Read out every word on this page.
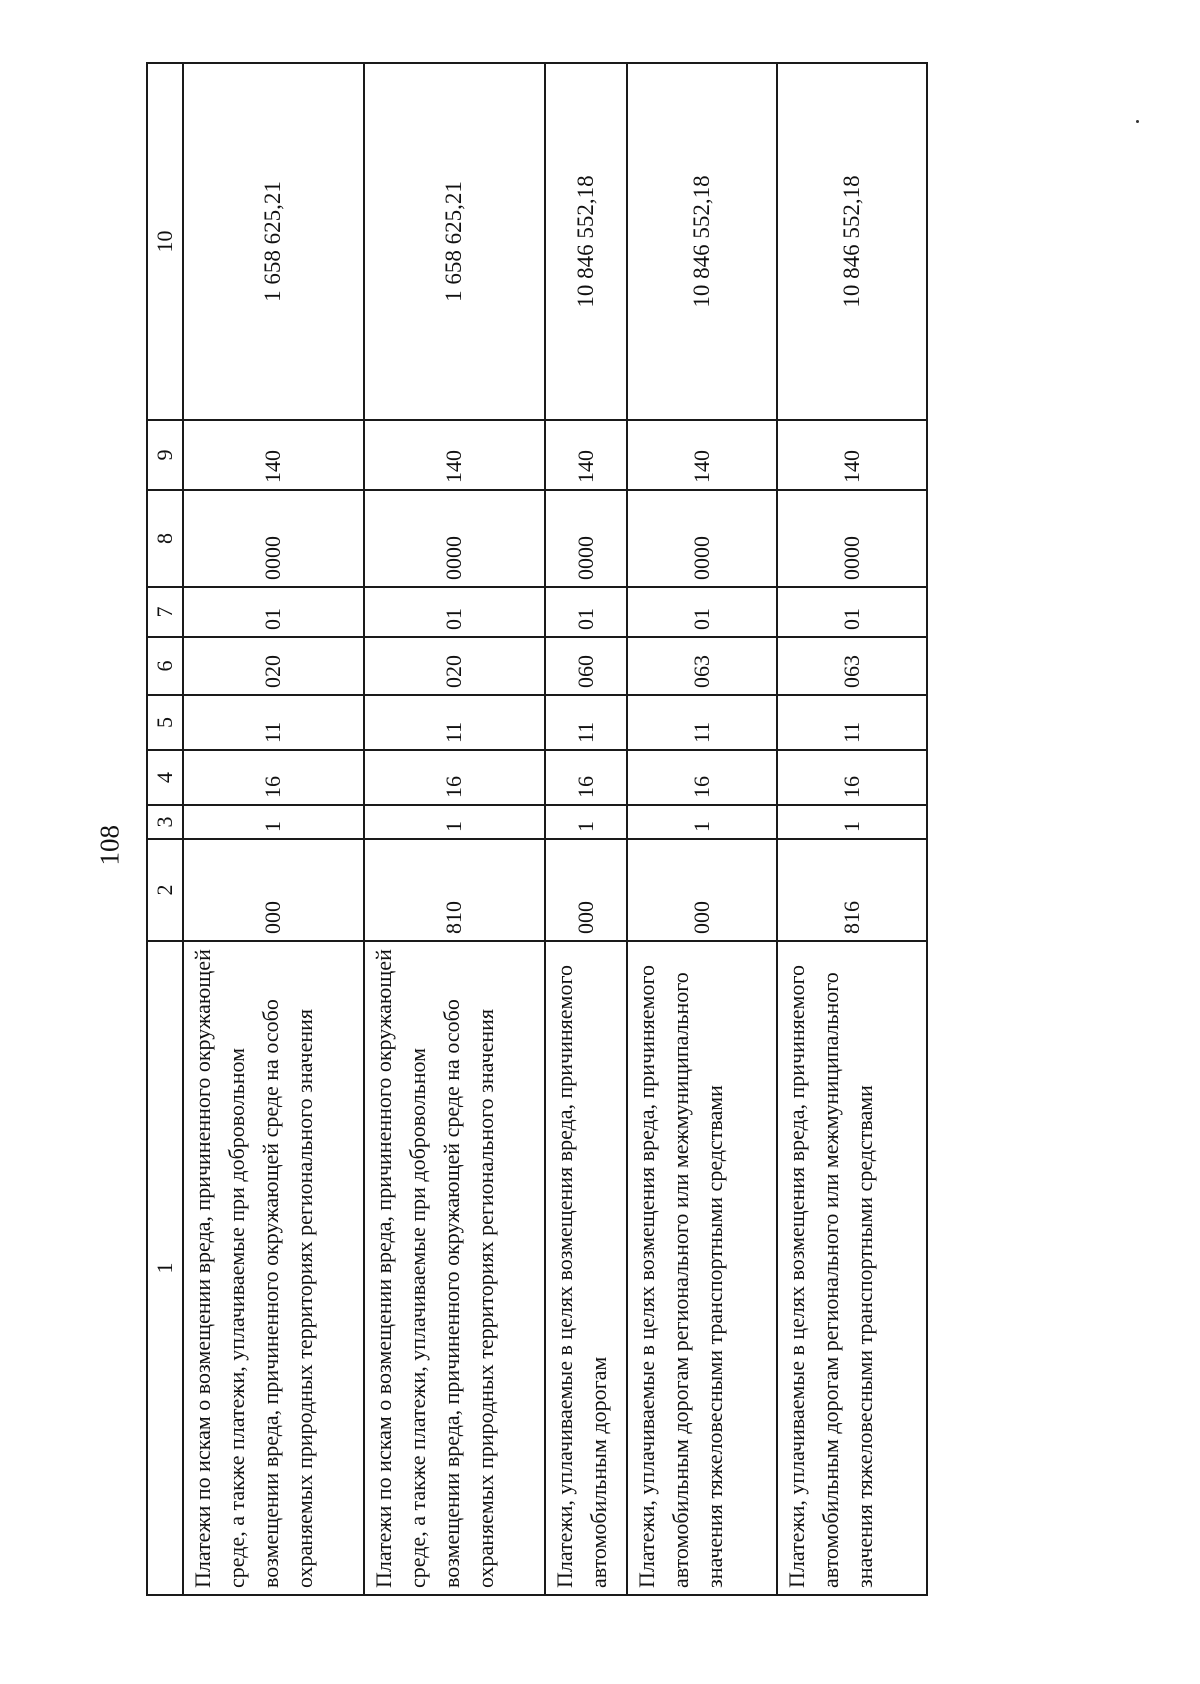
108
1	2	3	4	5	6	7	8	9	10
Платежи по искам о возмещении вреда, причиненного окружающей среде, а также платежи, уплачиваемые при добровольном возмещении вреда, причиненного окружающей среде на особо охраняемых природных территориях регионального значения	000	1	16	11	020	01	0000	140	1 658 625,21
Платежи по искам о возмещении вреда, причиненного окружающей среде, а также платежи, уплачиваемые при добровольном возмещении вреда, причиненного окружающей среде на особо охраняемых природных территориях регионального значения	810	1	16	11	020	01	0000	140	1 658 625,21
Платежи, уплачиваемые в целях возмещения вреда, причиняемого автомобильным дорогам	000	1	16	11	060	01	0000	140	10 846 552,18
Платежи, уплачиваемые в целях возмещения вреда, причиняемого автомобильным дорогам регионального или межмуниципального значения тяжеловесными транспортными средствами	000	1	16	11	063	01	0000	140	10 846 552,18
Платежи, уплачиваемые в целях возмещения вреда, причиняемого автомобильным дорогам регионального или межмуниципального значения тяжеловесными транспортными средствами	816	1	16	11	063	01	0000	140	10 846 552,18
